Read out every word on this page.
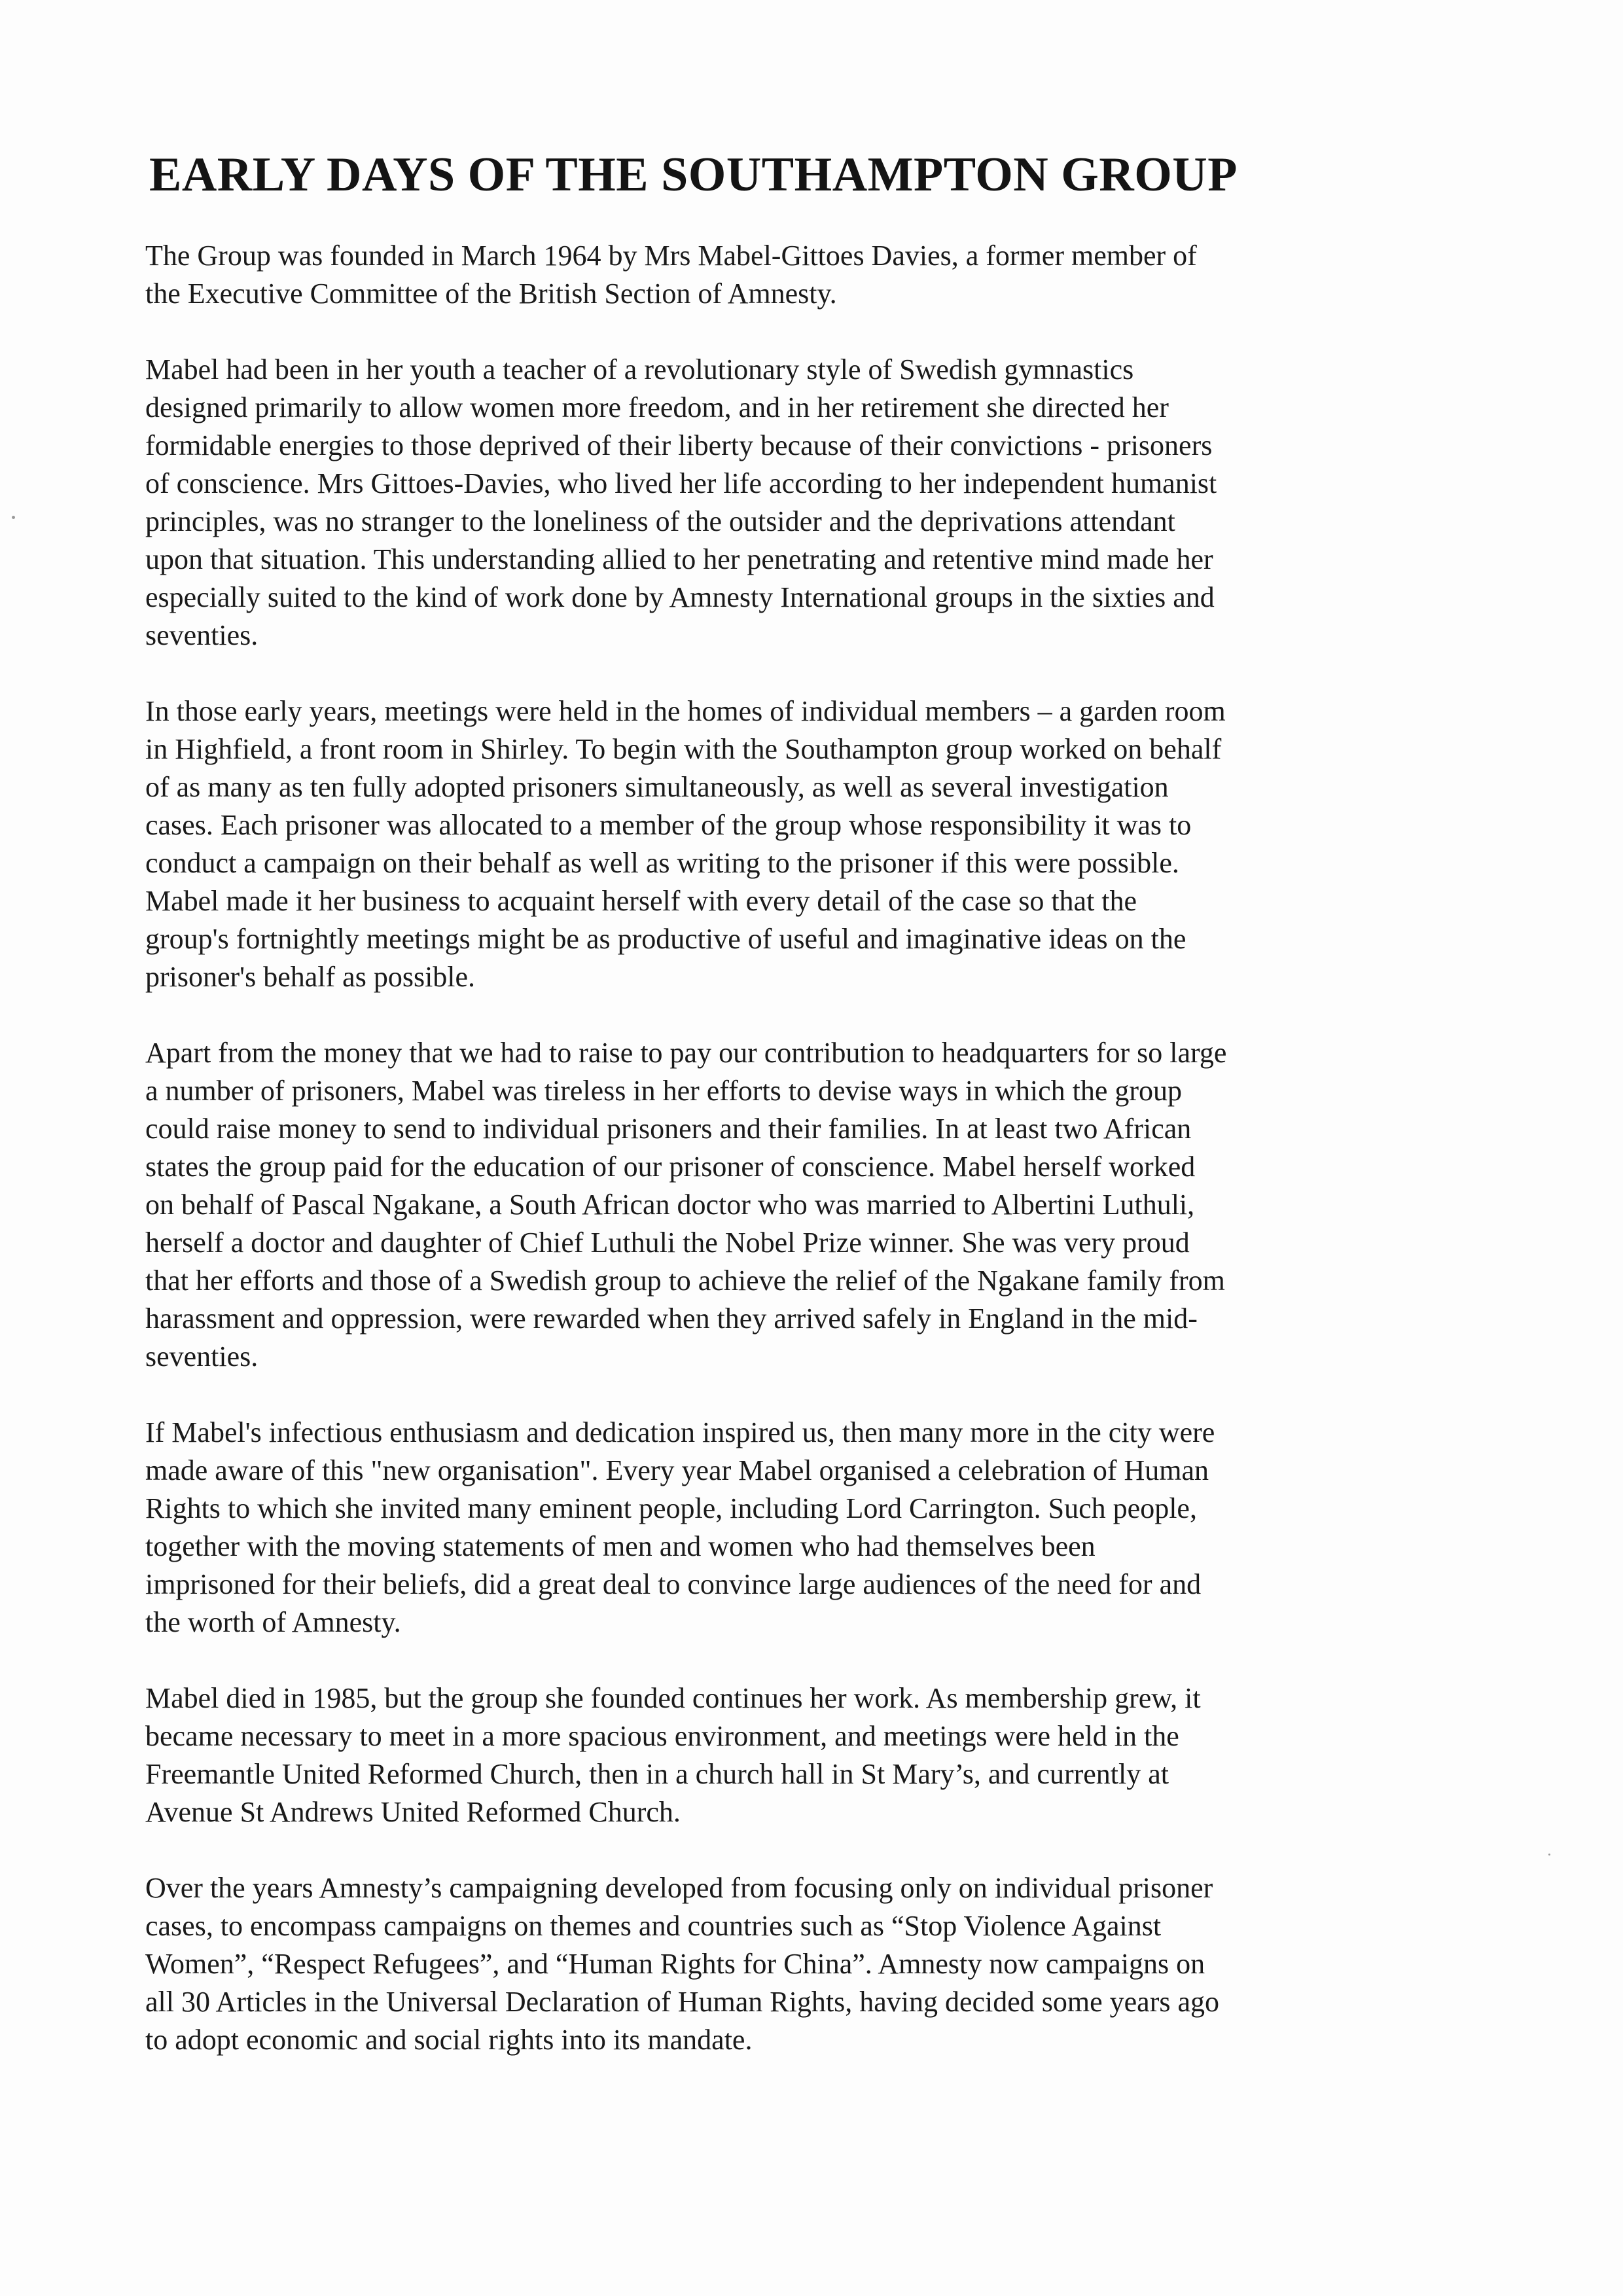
EARLY DAYS OF THE SOUTHAMPTON GROUP

The Group was founded in March 1964 by Mrs Mabel-Gittoes Davies, a former member of
the Executive Committee of the British Section of Amnesty.

Mabel had been in her youth a teacher of a revolutionary style of Swedish gymnastics
designed primarily to allow women more freedom, and in her retirement she directed her
formidable energies to those deprived of their liberty because of their convictions - prisoners
of conscience. Mrs Gittoes-Davies, who lived her life according to her independent humanist
principles, was no stranger to the loneliness of the outsider and the deprivations attendant
upon that situation. This understanding allied to her penetrating and retentive mind made her
especially suited to the kind of work done by Amnesty International groups in the sixties and
seventies.

In those early years, meetings were held in the homes of individual members – a garden room
in Highfield, a front room in Shirley. To begin with the Southampton group worked on behalf
of as many as ten fully adopted prisoners simultaneously, as well as several investigation
cases. Each prisoner was allocated to a member of the group whose responsibility it was to
conduct a campaign on their behalf as well as writing to the prisoner if this were possible.
Mabel made it her business to acquaint herself with every detail of the case so that the
group's fortnightly meetings might be as productive of useful and imaginative ideas on the
prisoner's behalf as possible.

Apart from the money that we had to raise to pay our contribution to headquarters for so large
a number of prisoners, Mabel was tireless in her efforts to devise ways in which the group
could raise money to send to individual prisoners and their families. In at least two African
states the group paid for the education of our prisoner of conscience. Mabel herself worked
on behalf of Pascal Ngakane, a South African doctor who was married to Albertini Luthuli,
herself a doctor and daughter of Chief Luthuli the Nobel Prize winner. She was very proud
that her efforts and those of a Swedish group to achieve the relief of the Ngakane family from
harassment and oppression, were rewarded when they arrived safely in England in the mid-
seventies.

If Mabel's infectious enthusiasm and dedication inspired us, then many more in the city were
made aware of this "new organisation". Every year Mabel organised a celebration of Human
Rights to which she invited many eminent people, including Lord Carrington. Such people,
together with the moving statements of men and women who had themselves been
imprisoned for their beliefs, did a great deal to convince large audiences of the need for and
the worth of Amnesty.

Mabel died in 1985, but the group she founded continues her work. As membership grew, it
became necessary to meet in a more spacious environment, and meetings were held in the
Freemantle United Reformed Church, then in a church hall in St Mary’s, and currently at
Avenue St Andrews United Reformed Church.

Over the years Amnesty’s campaigning developed from focusing only on individual prisoner
cases, to encompass campaigns on themes and countries such as “Stop Violence Against
Women”, “Respect Refugees”, and “Human Rights for China”. Amnesty now campaigns on
all 30 Articles in the Universal Declaration of Human Rights, having decided some years ago
to adopt economic and social rights into its mandate.
